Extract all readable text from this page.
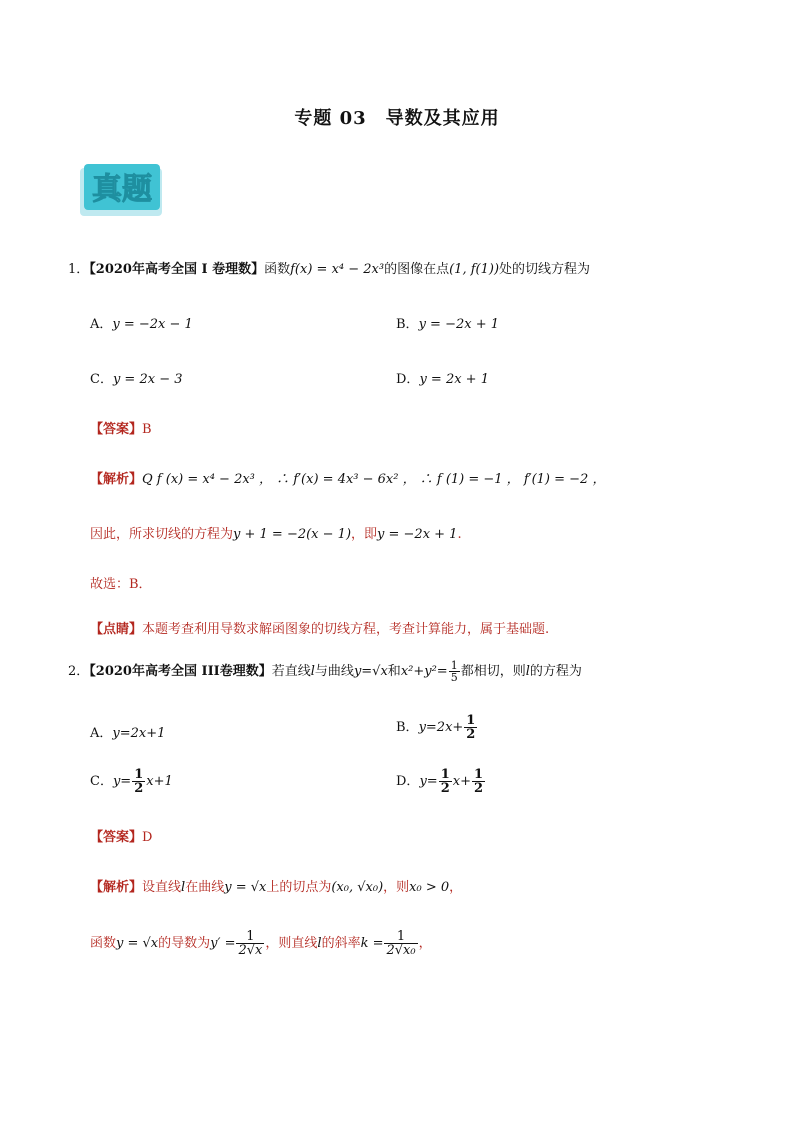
专题 03　导数及其应用
真题
1．【2020年高考全国 I 卷理数】函数f(x) = x⁴ − 2x³的图像在点(1, f(1))处的切线方程为
A．y = −2x − 1	B．y = −2x + 1
C．y = 2x − 3	D．y = 2x + 1
【答案】B
【解析】Q f (x) = x⁴ − 2x³ ， ∴ f′(x) = 4x³ − 6x² ， ∴ f (1) = −1 ， f′(1) = −2 ，
因此，所求切线的方程为y + 1 = −2(x − 1)，即y = −2x + 1.
故选：B．
【点睛】本题考查利用导数求解函图象的切线方程，考查计算能力，属于基础题.
2．【2020年高考全国 III卷理数】若直线l与曲线y=√x和$x^2+y^2= \frac{1}{5}$ 都相切，则l的方程为
A．y=2x+1	B．$y=2x+ \frac{1}{2}$
C．$y= \frac{1}{2} x+1$	D．$y= \frac{1}{2} x+ \frac{1}{2}$
【答案】D
【解析】设直线l在曲线y = √x上的切点为(x₀, √x₀)，则x₀ > 0，
函数y = √x的导数为$y' = \frac{1}{2√x}$ ，则直线l的斜率$k = \frac{1}{\text{2√x₀}}$ ，
